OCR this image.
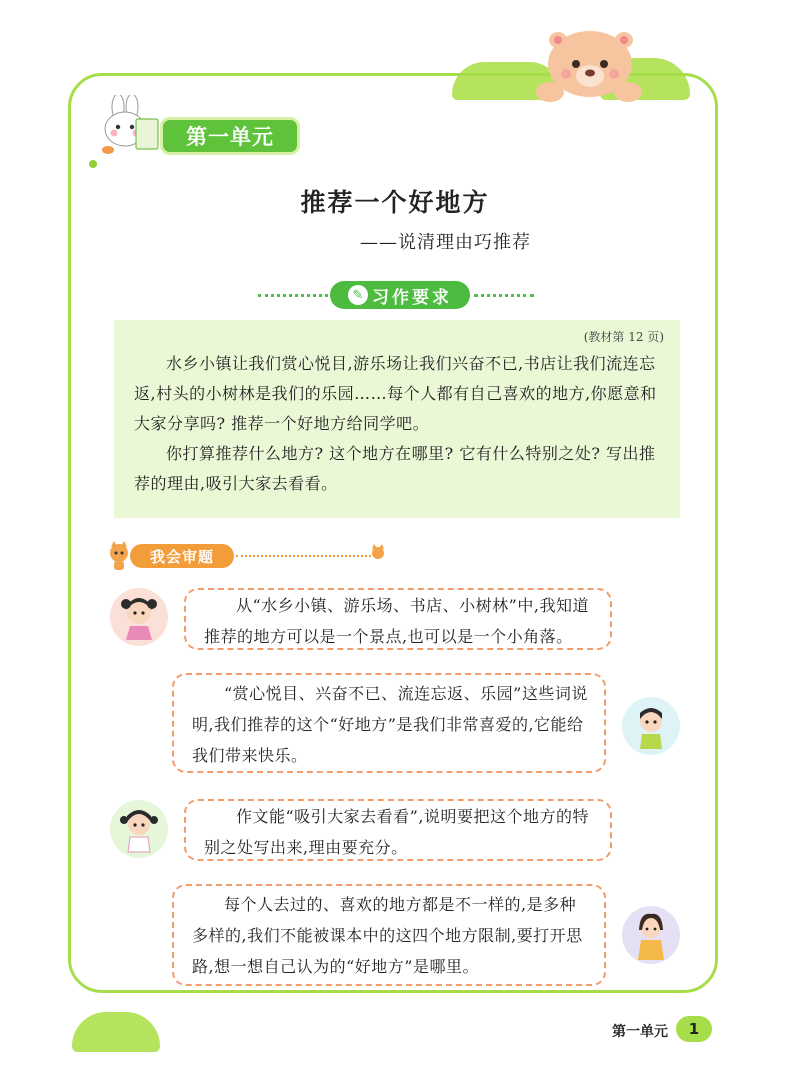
第一单元
推荐一个好地方
——说清理由巧推荐
✎ 习作要求
(教材第 12 页)

水乡小镇让我们赏心悦目,游乐场让我们兴奋不已,书店让我们流连忘返,村头的小树林是我们的乐园……每个人都有自己喜欢的地方,你愿意和大家分享吗? 推荐一个好地方给同学吧。

你打算推荐什么地方? 这个地方在哪里? 它有什么特别之处? 写出推荐的理由,吸引大家去看看。

我会审题

从“水乡小镇、游乐场、书店、小树林”中,我知道推荐的地方可以是一个景点,也可以是一个小角落。

“赏心悦目、兴奋不已、流连忘返、乐园”这些词说明,我们推荐的这个“好地方”是我们非常喜爱的,它能给我们带来快乐。

作文能“吸引大家去看看”,说明要把这个地方的特别之处写出来,理由要充分。

每个人去过的、喜欢的地方都是不一样的,是多种多样的,我们不能被课本中的这四个地方限制,要打开思路,想一想自己认为的“好地方”是哪里。

第一单元	1
